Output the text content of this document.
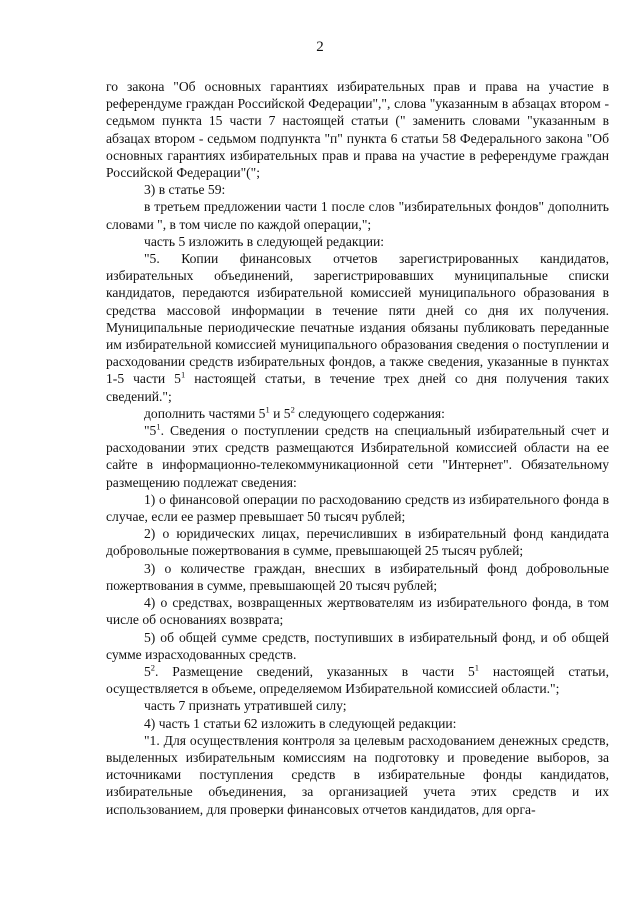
2

го закона "Об основных гарантиях избирательных прав и права на участие в референдуме граждан Российской Федерации",", слова "указанным в абзацах втором - седьмом пункта 15 части 7 настоящей статьи (" заменить словами "указанным в абзацах втором - седьмом подпункта "п" пункта 6 статьи 58 Федерального закона "Об основных гарантиях избирательных прав и права на участие в референдуме граждан Российской Федерации"(";

3) в статье 59:

в третьем предложении части 1 после слов "избирательных фондов" дополнить словами ", в том числе по каждой операции,";

часть 5 изложить в следующей редакции:

"5. Копии финансовых отчетов зарегистрированных кандидатов, избирательных объединений, зарегистрировавших муниципальные списки кандидатов, передаются избирательной комиссией муниципального образования в средства массовой информации в течение пяти дней со дня их получения. Муниципальные периодические печатные издания обязаны публиковать переданные им избирательной комиссией муниципального образования сведения о поступлении и расходовании средств избирательных фондов, а также сведения, указанные в пунктах 1-5 части $5^1$ настоящей статьи, в течение трех дней со дня получения таких сведений.";

дополнить частями $5^1$ и $5^2$ следующего содержания:

"$5^1$. Сведения о поступлении средств на специальный избирательный счет и расходовании этих средств размещаются Избирательной комиссией области на ее сайте в информационно-телекоммуникационной сети "Интернет". Обязательному размещению подлежат сведения:

1) о финансовой операции по расходованию средств из избирательного фонда в случае, если ее размер превышает 50 тысяч рублей;

2) о юридических лицах, перечисливших в избирательный фонд кандидата добровольные пожертвования в сумме, превышающей 25 тысяч рублей;

3) о количестве граждан, внесших в избирательный фонд добровольные пожертвования в сумме, превышающей 20 тысяч рублей;

4) о средствах, возвращенных жертвователям из избирательного фонда, в том числе об основаниях возврата;

5) об общей сумме средств, поступивших в избирательный фонд, и об общей сумме израсходованных средств.

$5^2$. Размещение сведений, указанных в части $5^1$ настоящей статьи, осуществляется в объеме, определяемом Избирательной комиссией области.";

часть 7 признать утратившей силу;

4) часть 1 статьи 62 изложить в следующей редакции:

"1. Для осуществления контроля за целевым расходованием денежных средств, выделенных избирательным комиссиям на подготовку и проведение выборов, за источниками поступления средств в избирательные фонды кандидатов, избирательные объединения, за организацией учета этих средств и их использованием, для проверки финансовых отчетов кандидатов, для орга-
